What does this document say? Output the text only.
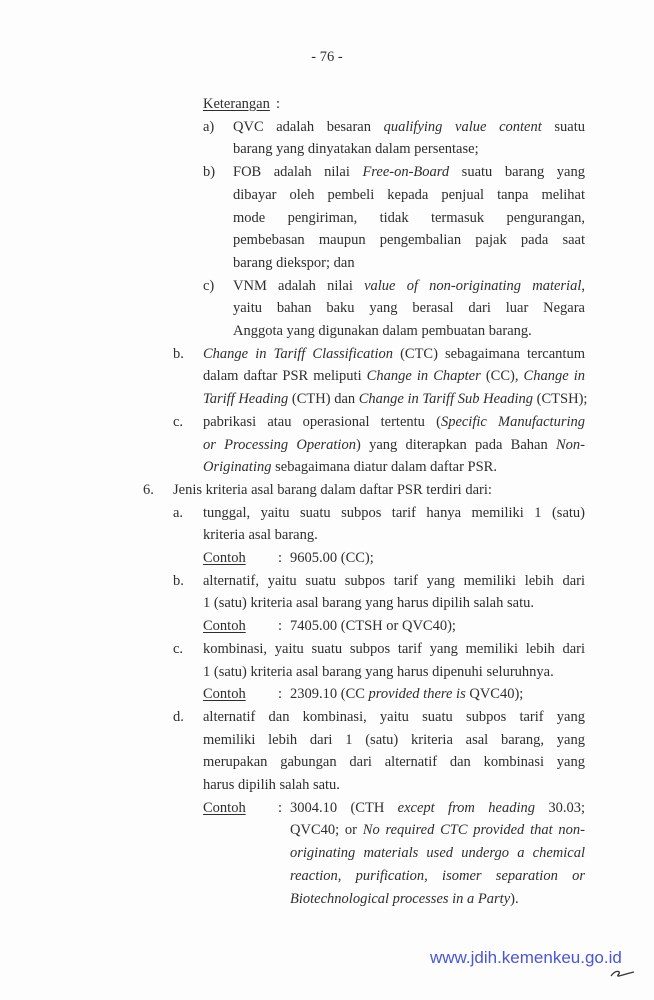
- 76 -
Keterangan :
a) QVC adalah besaran qualifying value content suatu
barang yang dinyatakan dalam persentase;
b) FOB adalah nilai Free-on-Board suatu barang yang
dibayar oleh pembeli kepada penjual tanpa melihat
mode pengiriman, tidak termasuk pengurangan,
pembebasan maupun pengembalian pajak pada saat
barang diekspor; dan
c) VNM adalah nilai value of non-originating material,
yaitu bahan baku yang berasal dari luar Negara
Anggota yang digunakan dalam pembuatan barang.
b. Change in Tariff Classification (CTC) sebagaimana tercantum
dalam daftar PSR meliputi Change in Chapter (CC), Change in
Tariff Heading (CTH) dan Change in Tariff Sub Heading (CTSH);
c. pabrikasi atau operasional tertentu (Specific Manufacturing
or Processing Operation) yang diterapkan pada Bahan Non-
Originating sebagaimana diatur dalam daftar PSR.
6. Jenis kriteria asal barang dalam daftar PSR terdiri dari:
a. tunggal, yaitu suatu subpos tarif hanya memiliki 1 (satu)
kriteria asal barang.
Contoh : 9605.00 (CC);
b. alternatif, yaitu suatu subpos tarif yang memiliki lebih dari
1 (satu) kriteria asal barang yang harus dipilih salah satu.
Contoh : 7405.00 (CTSH or QVC40);
c. kombinasi, yaitu suatu subpos tarif yang memiliki lebih dari
1 (satu) kriteria asal barang yang harus dipenuhi seluruhnya.
Contoh : 2309.10 (CC provided there is QVC40);
d. alternatif dan kombinasi, yaitu suatu subpos tarif yang
memiliki lebih dari 1 (satu) kriteria asal barang, yang
merupakan gabungan dari alternatif dan kombinasi yang
harus dipilih salah satu.
Contoh : 3004.10 (CTH except from heading 30.03;
QVC40; or No required CTC provided that non-
originating materials used undergo a chemical
reaction, purification, isomer separation or
Biotechnological processes in a Party).
www.jdih.kemenkeu.go.id
